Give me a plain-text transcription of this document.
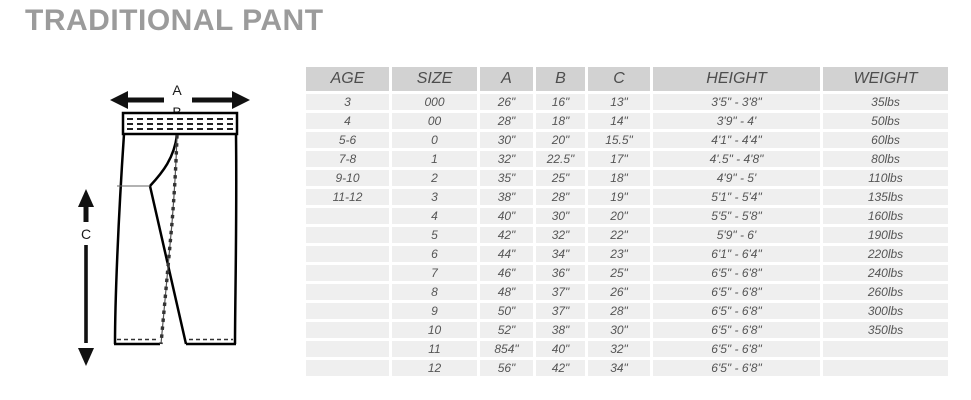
TRADITIONAL PANT
A
C
AGE	SIZE	A	B	C	HEIGHT	WEIGHT
3	000	26"	16"	13"	3'5" - 3'8"	35lbs
4	00	28"	18"	14"	3'9" - 4'	50lbs
5-6	0	30"	20"	15.5"	4'1" - 4'4"	60lbs
7-8	1	32"	22.5"	17"	4'.5" - 4'8"	80lbs
9-10	2	35"	25"	18"	4'9" - 5'	110lbs
11-12	3	38"	28"	19"	5'1" - 5'4"	135lbs
	4	40"	30"	20"	5'5" - 5'8"	160lbs
	5	42"	32"	22"	5'9" - 6'	190lbs
	6	44"	34"	23"	6'1" - 6'4"	220lbs
	7	46"	36"	25"	6'5" - 6'8"	240lbs
	8	48"	37"	26"	6'5" - 6'8"	260lbs
	9	50"	37"	28"	6'5" - 6'8"	300lbs
	10	52"	38"	30"	6'5" - 6'8"	350lbs
	11	854"	40"	32"	6'5" - 6'8"	
	12	56"	42"	34"	6'5" - 6'8"	
